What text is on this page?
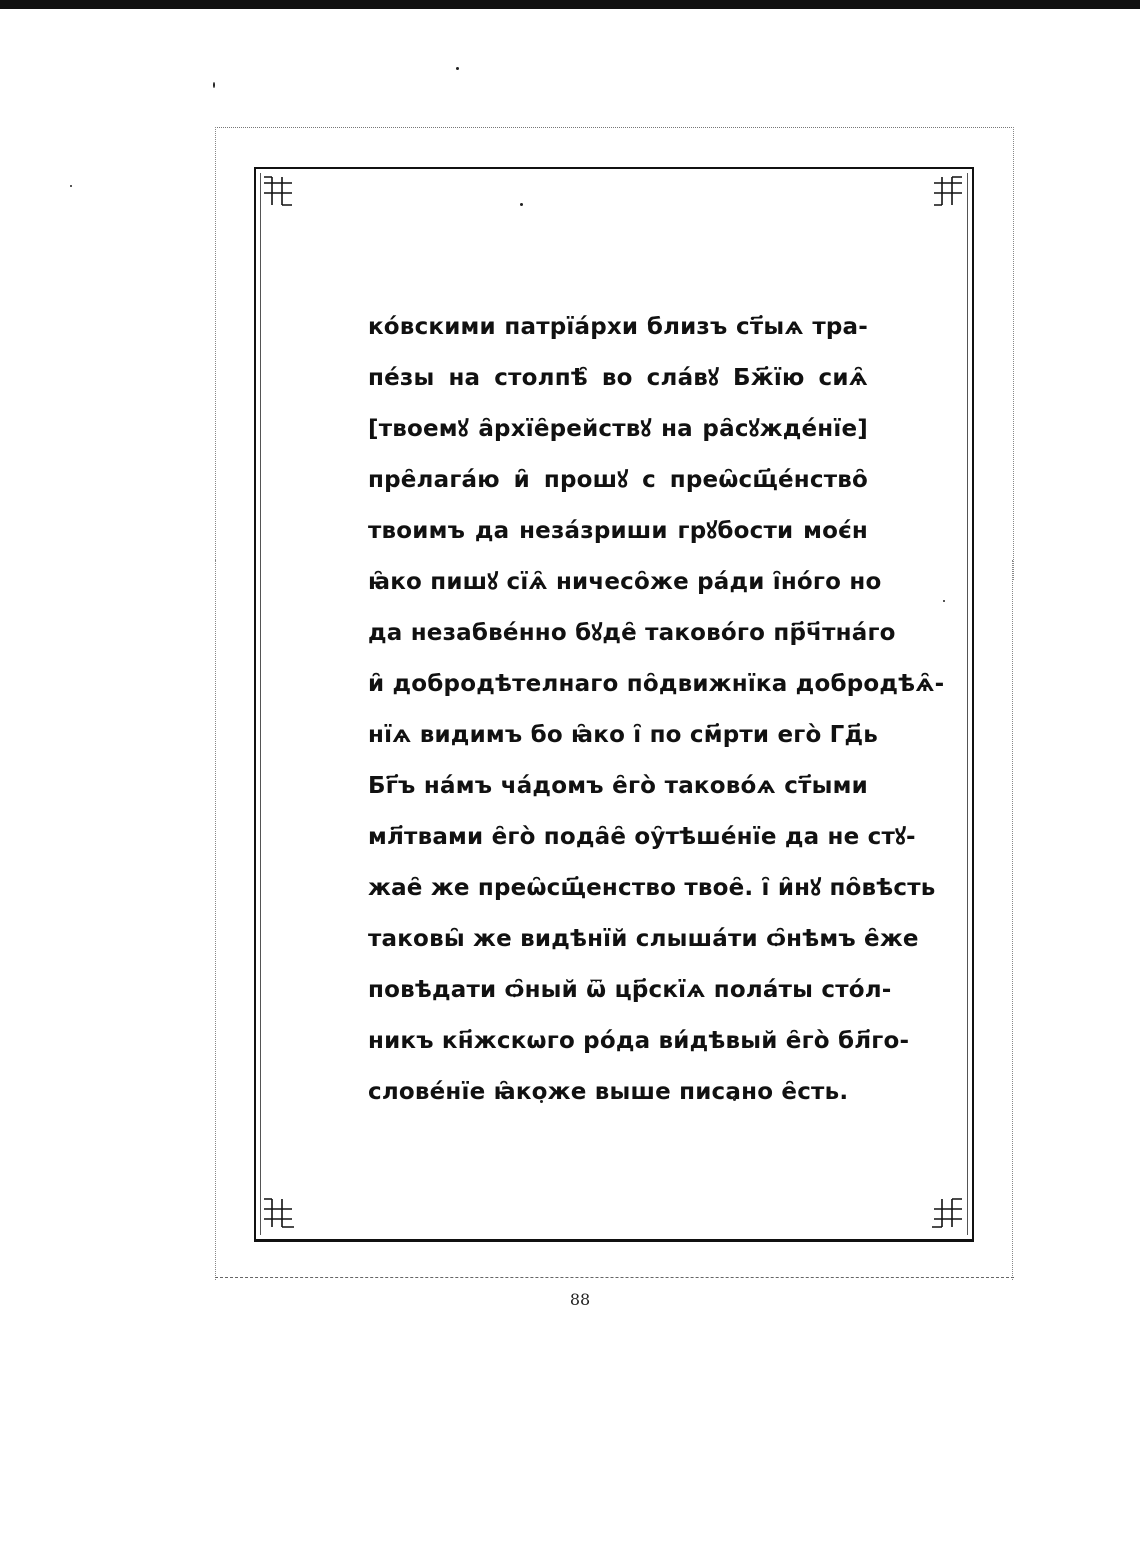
ко́вскими патрїа́рхи близъ ст҃ыѧ тра-
пе́зы на столпѣ̑ во сла́вꙋ Бж҃їю сиѧ̑
[твоемꙋ а̑рхїе̑рействꙋ на ра̑сꙋжде́нїе]
пре̑лага́ю и̑ прошꙋ с преѡ̑сщ҃е́нство̑
твоимъ да неза́зриши грꙋбости моє́н
ꙗ̑ко пишꙋ сїѧ̑ ничесо̑же ра́ди і̑но́го но
да незабве́нно бꙋде̑ таково́го пр҃ч҃тна́го
и̑ добродѣтелнаго по̑движнїка добродѣѧ̑-
нїѧ видимъ бо ꙗ̑ко і̑ по см҃рти его̀ Гд҃ь
Бг҃ъ на́мъ ча́домъ е̑го̀ таково́ѧ ст҃ыми
мл҃твами е̑го̀ пода̑е̑ оу̑тѣше́нїе да не стꙋ-
жае̑ же преѡ̑сщ҃енство твое̑. і̑ и̑нꙋ по̑вѣсть
таковы̑ же видѣнїй слыша́ти ѻ̑нѣмъ е̑же
повѣдати ѻ̑ный ѿ цр҃скїѧ пола́ты сто́л-
никъ кн҃жскѡго ро́да ви́дѣвый е̑го̀ бл҃го-
слове́нїе ꙗ̑коже выше писано е̑сть.
88
